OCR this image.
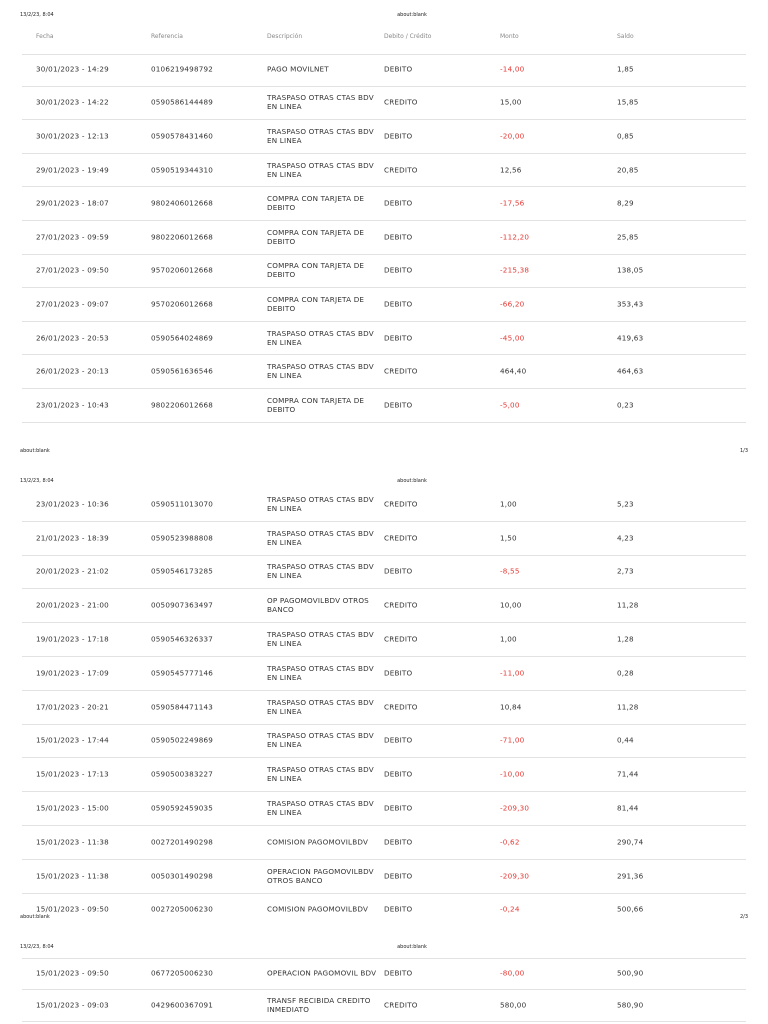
13/2/23, 8:04	about:blank
Fecha	Referencia	Descripción	Debito / Crédito	Monto	Saldo
about:blank	1/3
13/2/23, 8:04	about:blank
about:blank	2/3
13/2/23, 8:04	about:blank
30/01/2023 - 14:29	0106219498792	PAGO MOVILNET	DEBITO	-14,00	1,85
30/01/2023 - 14:22	0590586144489	TRASPASO OTRAS CTAS BDV EN LINEA	CREDITO	15,00	15,85
30/01/2023 - 12:13	0590578431460	TRASPASO OTRAS CTAS BDV EN LINEA	DEBITO	-20,00	0,85
29/01/2023 - 19:49	0590519344310	TRASPASO OTRAS CTAS BDV EN LINEA	CREDITO	12,56	20,85
29/01/2023 - 18:07	9802406012668	COMPRA CON TARJETA DE DEBITO	DEBITO	-17,56	8,29
27/01/2023 - 09:59	9802206012668	COMPRA CON TARJETA DE DEBITO	DEBITO	-112,20	25,85
27/01/2023 - 09:50	9570206012668	COMPRA CON TARJETA DE DEBITO	DEBITO	-215,38	138,05
27/01/2023 - 09:07	9570206012668	COMPRA CON TARJETA DE DEBITO	DEBITO	-66,20	353,43
26/01/2023 - 20:53	0590564024869	TRASPASO OTRAS CTAS BDV EN LINEA	DEBITO	-45,00	419,63
26/01/2023 - 20:13	0590561636546	TRASPASO OTRAS CTAS BDV EN LINEA	CREDITO	464,40	464,63
23/01/2023 - 10:43	9802206012668	COMPRA CON TARJETA DE DEBITO	DEBITO	-5,00	0,23
23/01/2023 - 10:36	0590511013070	TRASPASO OTRAS CTAS BDV EN LINEA	CREDITO	1,00	5,23
21/01/2023 - 18:39	0590523988808	TRASPASO OTRAS CTAS BDV EN LINEA	CREDITO	1,50	4,23
20/01/2023 - 21:02	0590546173285	TRASPASO OTRAS CTAS BDV EN LINEA	DEBITO	-8,55	2,73
20/01/2023 - 21:00	0050907363497	OP PAGOMOVILBDV OTROS BANCO	CREDITO	10,00	11,28
19/01/2023 - 17:18	0590546326337	TRASPASO OTRAS CTAS BDV EN LINEA	CREDITO	1,00	1,28
19/01/2023 - 17:09	0590545777146	TRASPASO OTRAS CTAS BDV EN LINEA	DEBITO	-11,00	0,28
17/01/2023 - 20:21	0590584471143	TRASPASO OTRAS CTAS BDV EN LINEA	CREDITO	10,84	11,28
15/01/2023 - 17:44	0590502249869	TRASPASO OTRAS CTAS BDV EN LINEA	DEBITO	-71,00	0,44
15/01/2023 - 17:13	0590500383227	TRASPASO OTRAS CTAS BDV EN LINEA	DEBITO	-10,00	71,44
15/01/2023 - 15:00	0590592459035	TRASPASO OTRAS CTAS BDV EN LINEA	DEBITO	-209,30	81,44
15/01/2023 - 11:38	0027201490298	COMISION PAGOMOVILBDV	DEBITO	-0,62	290,74
15/01/2023 - 11:38	0050301490298	OPERACION PAGOMOVILBDV OTROS BANCO	DEBITO	-209,30	291,36
15/01/2023 - 09:50	0027205006230	COMISION PAGOMOVILBDV	DEBITO	-0,24	500,66
15/01/2023 - 09:50	0677205006230	OPERACION PAGOMOVIL BDV	DEBITO	-80,00	500,90
15/01/2023 - 09:03	0429600367091	TRANSF RECIBIDA CREDITO INMEDIATO	CREDITO	580,00	580,90
